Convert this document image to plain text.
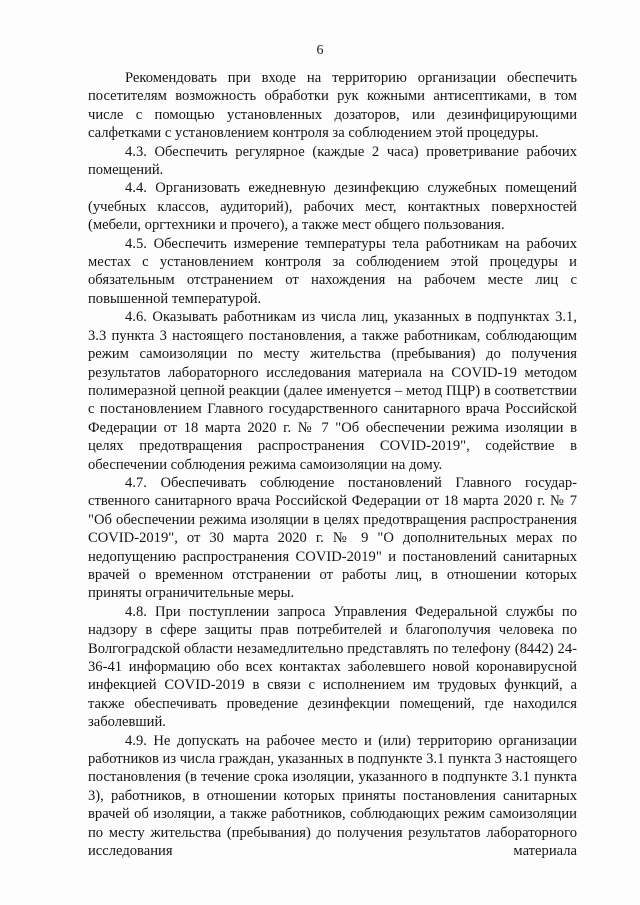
6

Рекомендовать при входе на территорию организации обеспечить посетителям возможность обработки рук кожными антисептиками, в том числе с помощью установленных дозаторов, или дезинфицирующими салфетками с установлением контроля за соблюдением этой процедуры.

4.3. Обеспечить регулярное (каждые 2 часа) проветривание рабочих помещений.

4.4. Организовать ежедневную дезинфекцию служебных помещений (учебных классов, аудиторий), рабочих мест, контактных поверхностей (мебели, оргтехники и прочего), а также мест общего пользования.

4.5. Обеспечить измерение температуры тела работникам на рабочих местах с установлением контроля за соблюдением этой процедуры и обязательным отстранением от нахождения на рабочем месте лиц с повышенной температурой.

4.6. Оказывать работникам из числа лиц, указанных в подпунктах 3.1, 3.3 пункта 3 настоящего постановления, а также работникам, соблюдающим режим самоизоляции по месту жительства (пребывания) до получения результатов лабораторного исследования материала на COVID-19 методом полимеразной цепной реакции (далее именуется – метод ПЦР) в соответствии с постановлением Главного государственного санитарного врача Российской Федерации от 18 марта 2020 г. № 7 "Об обеспечении режима изоляции в целях предотвращения распространения COVID-2019", содействие в обеспечении соблюдения режима самоизоляции на дому.

4.7. Обеспечивать соблюдение постановлений Главного государственного санитарного врача Российской Федерации от 18 марта 2020 г. № 7 "Об обеспечении режима изоляции в целях предотвращения распространения COVID-2019", от 30 марта 2020 г. № 9 "О дополнительных мерах по недопущению распространения COVID-2019" и постановлений санитарных врачей о временном отстранении от работы лиц, в отношении которых приняты ограничительные меры.

4.8. При поступлении запроса Управления Федеральной службы по надзору в сфере защиты прав потребителей и благополучия человека по Волгоградской области незамедлительно представлять по телефону (8442) 24-36-41 информацию обо всех контактах заболевшего новой коронавирусной инфекцией COVID-2019 в связи с исполнением им трудовых функций, а также обеспечивать проведение дезинфекции помещений, где находился заболевший.

4.9. Не допускать на рабочее место и (или) территорию организации работников из числа граждан, указанных в подпункте 3.1 пункта 3 настоящего постановления (в течение срока изоляции, указанного в подпункте 3.1 пункта 3), работников, в отношении которых приняты постановления санитарных врачей об изоляции, а также работников, соблюдающих режим самоизоляции по месту жительства (пребывания) до получения результатов лабораторного исследования материала
